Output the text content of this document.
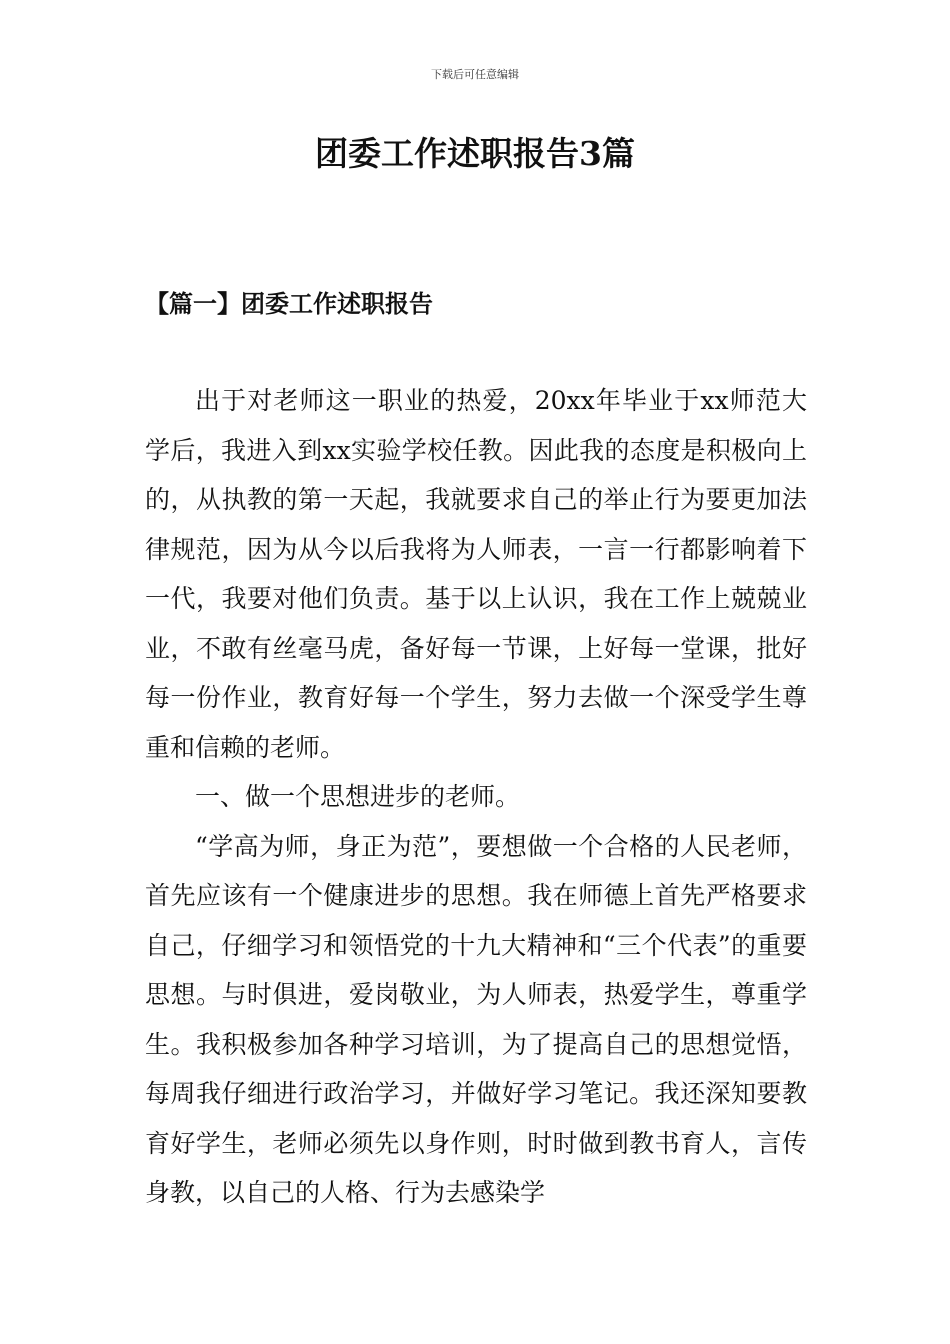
下载后可任意编辑
团委工作述职报告3篇
【篇一】团委工作述职报告

出于对老师这一职业的热爱，20xx年毕业于xx师范大学后，我进入到xx实验学校任教。因此我的态度是积极向上的，从执教的第一天起，我就要求自己的举止行为要更加法律规范，因为从今以后我将为人师表，一言一行都影响着下一代，我要对他们负责。基于以上认识，我在工作上兢兢业业，不敢有丝毫马虎，备好每一节课，上好每一堂课，批好每一份作业，教育好每一个学生，努力去做一个深受学生尊重和信赖的老师。

一、做一个思想进步的老师。

“学高为师，身正为范”，要想做一个合格的人民老师，首先应该有一个健康进步的思想。我在师德上首先严格要求自己，仔细学习和领悟党的十九大精神和“三个代表”的重要思想。与时俱进，爱岗敬业，为人师表，热爱学生，尊重学生。我积极参加各种学习培训，为了提高自己的思想觉悟，每周我仔细进行政治学习，并做好学习笔记。我还深知要教育好学生，老师必须先以身作则，时时做到教书育人，言传身教，以自己的人格、行为去感染学
